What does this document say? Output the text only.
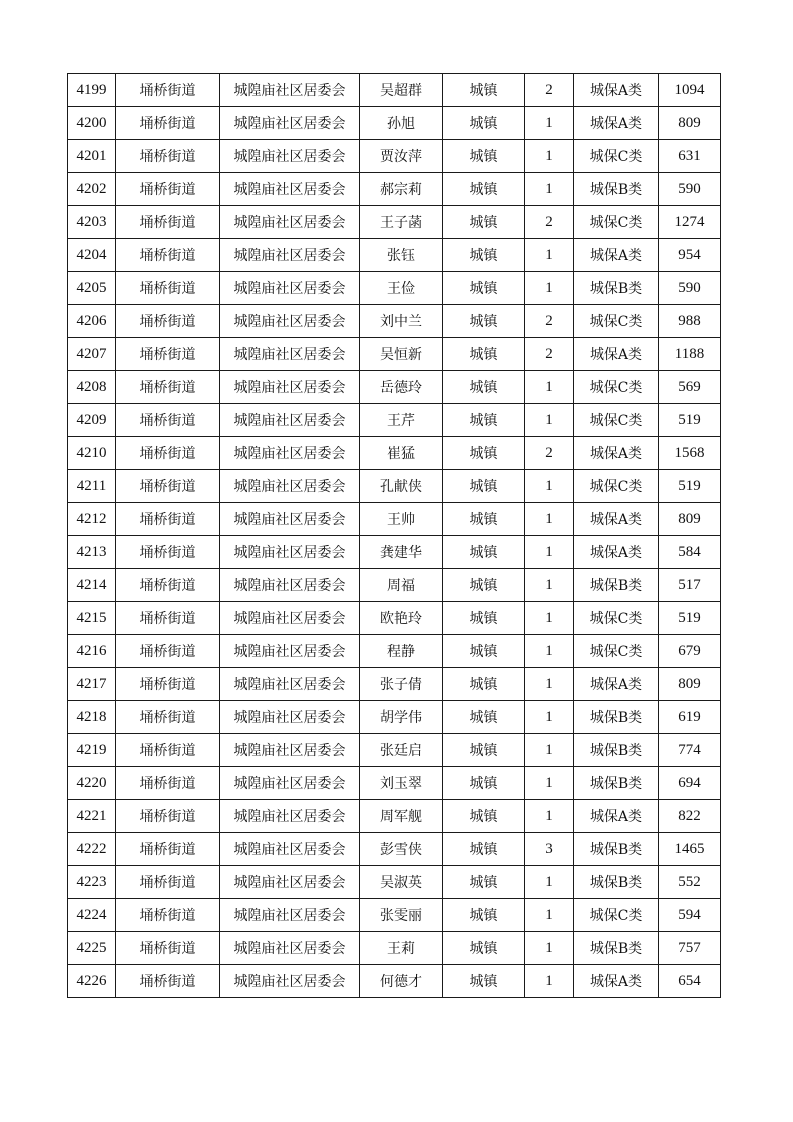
4199	埇桥街道	城隍庙社区居委会	吴超群	城镇	2	城保A类	1094
4200	埇桥街道	城隍庙社区居委会	孙旭	城镇	1	城保A类	809
4201	埇桥街道	城隍庙社区居委会	贾汝萍	城镇	1	城保C类	631
4202	埇桥街道	城隍庙社区居委会	郝宗莉	城镇	1	城保B类	590
4203	埇桥街道	城隍庙社区居委会	王子菡	城镇	2	城保C类	1274
4204	埇桥街道	城隍庙社区居委会	张钰	城镇	1	城保A类	954
4205	埇桥街道	城隍庙社区居委会	王俭	城镇	1	城保B类	590
4206	埇桥街道	城隍庙社区居委会	刘中兰	城镇	2	城保C类	988
4207	埇桥街道	城隍庙社区居委会	吴恒新	城镇	2	城保A类	1188
4208	埇桥街道	城隍庙社区居委会	岳德玲	城镇	1	城保C类	569
4209	埇桥街道	城隍庙社区居委会	王芹	城镇	1	城保C类	519
4210	埇桥街道	城隍庙社区居委会	崔猛	城镇	2	城保A类	1568
4211	埇桥街道	城隍庙社区居委会	孔献侠	城镇	1	城保C类	519
4212	埇桥街道	城隍庙社区居委会	王帅	城镇	1	城保A类	809
4213	埇桥街道	城隍庙社区居委会	龚建华	城镇	1	城保A类	584
4214	埇桥街道	城隍庙社区居委会	周福	城镇	1	城保B类	517
4215	埇桥街道	城隍庙社区居委会	欧艳玲	城镇	1	城保C类	519
4216	埇桥街道	城隍庙社区居委会	程静	城镇	1	城保C类	679
4217	埇桥街道	城隍庙社区居委会	张子倩	城镇	1	城保A类	809
4218	埇桥街道	城隍庙社区居委会	胡学伟	城镇	1	城保B类	619
4219	埇桥街道	城隍庙社区居委会	张廷启	城镇	1	城保B类	774
4220	埇桥街道	城隍庙社区居委会	刘玉翠	城镇	1	城保B类	694
4221	埇桥街道	城隍庙社区居委会	周军舰	城镇	1	城保A类	822
4222	埇桥街道	城隍庙社区居委会	彭雪侠	城镇	3	城保B类	1465
4223	埇桥街道	城隍庙社区居委会	吴淑英	城镇	1	城保B类	552
4224	埇桥街道	城隍庙社区居委会	张雯丽	城镇	1	城保C类	594
4225	埇桥街道	城隍庙社区居委会	王莉	城镇	1	城保B类	757
4226	埇桥街道	城隍庙社区居委会	何德才	城镇	1	城保A类	654
